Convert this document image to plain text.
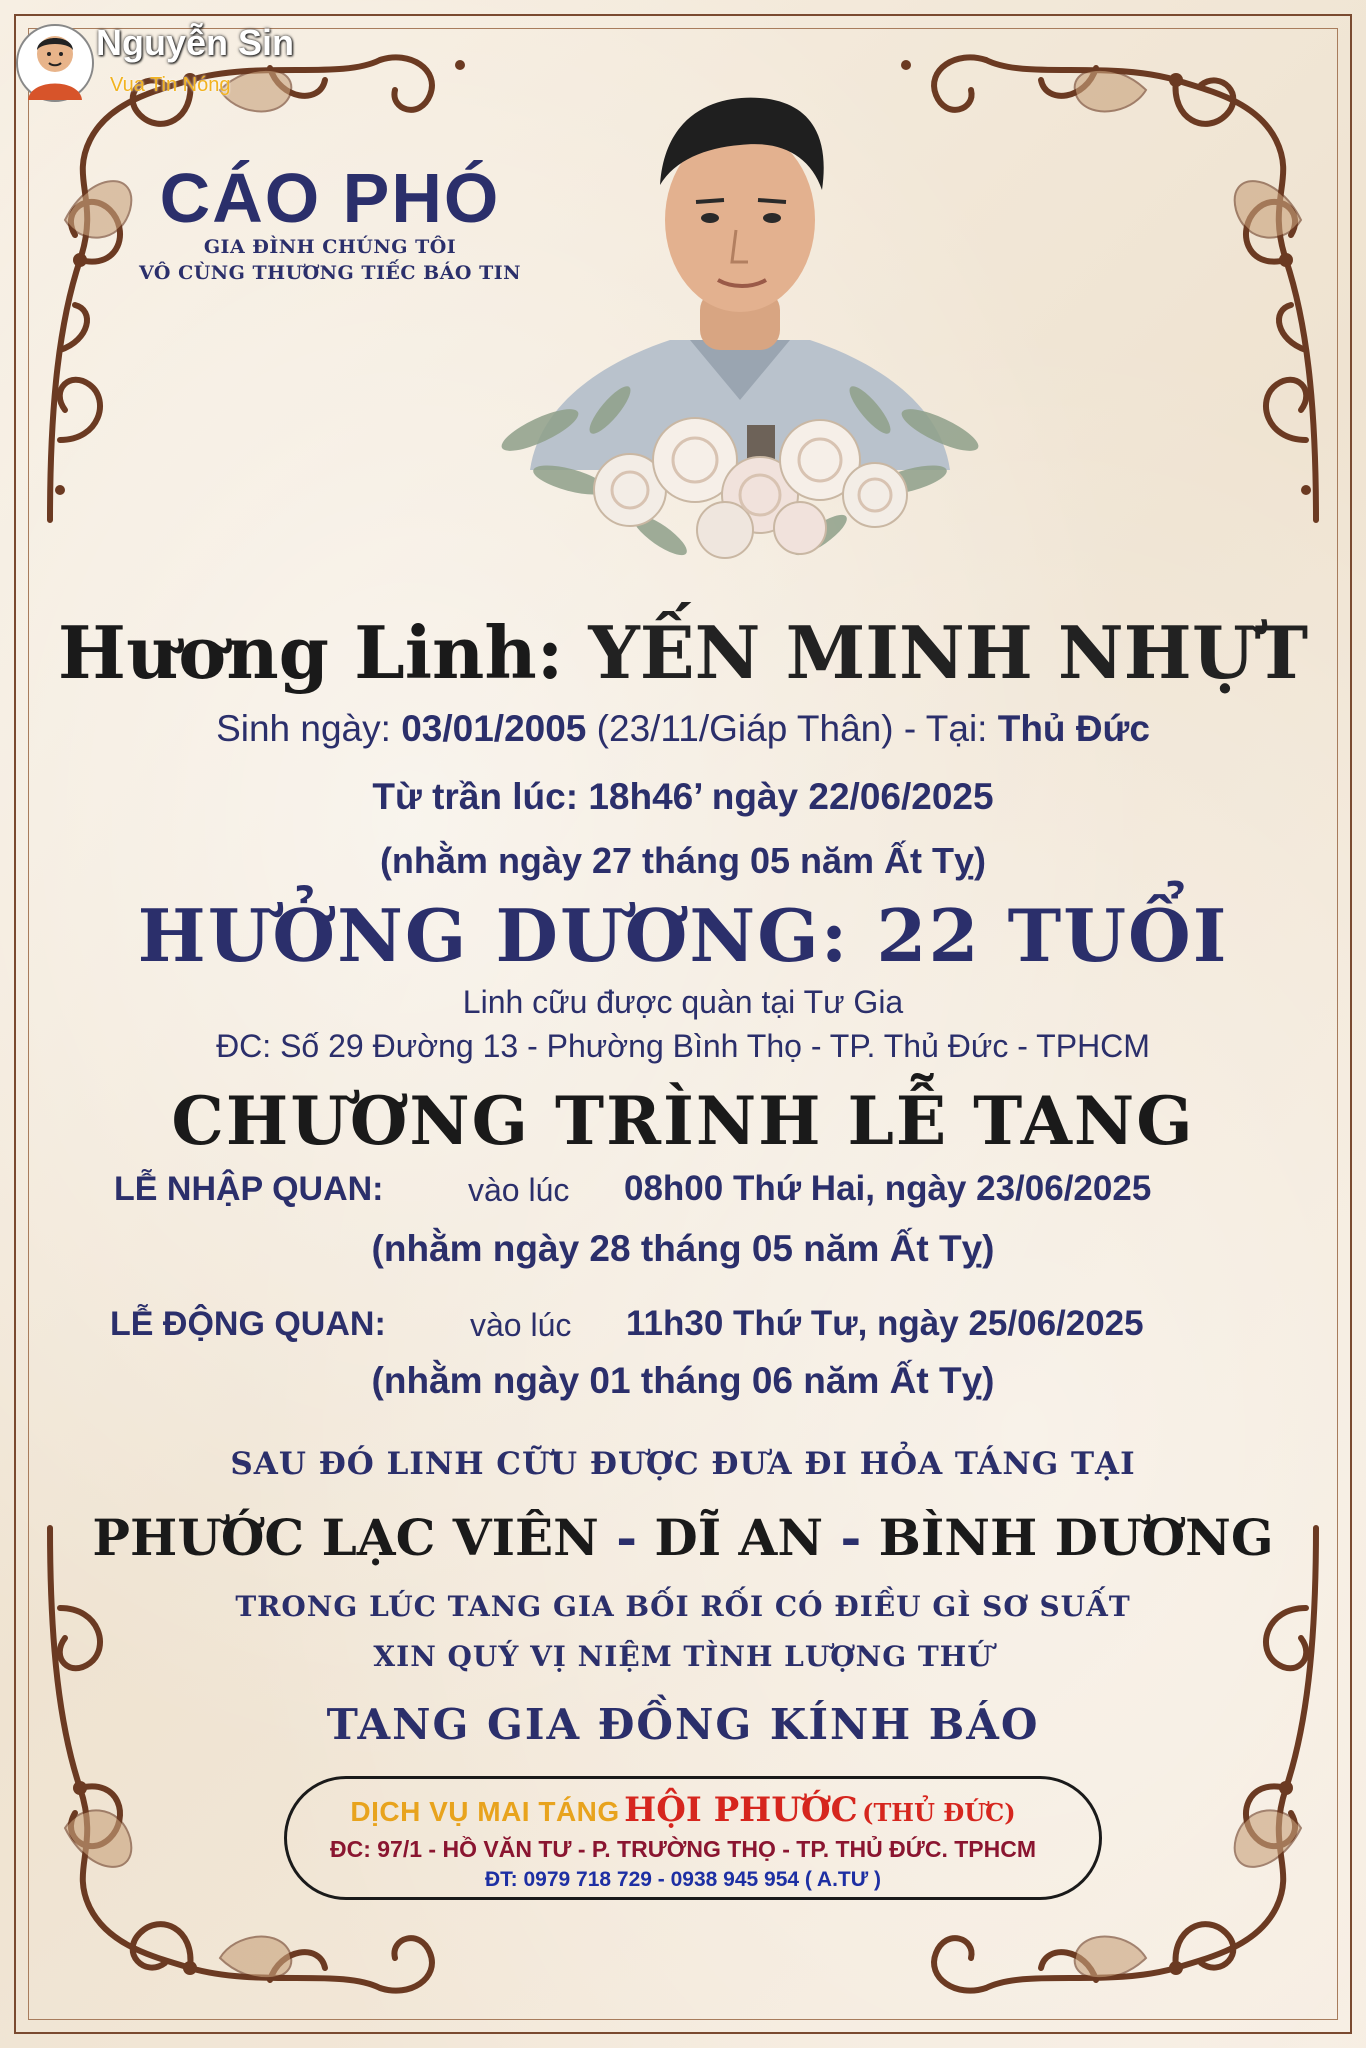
Nguyễn Sin
Vua Tin Nóng
CÁO PHÓ
GIA ĐÌNH CHÚNG TÔI
VÔ CÙNG THƯƠNG TIẾC BÁO TIN
Hương Linh: YẾN MINH NHỰT
Sinh ngày: 03/01/2005 (23/11/Giáp Thân) - Tại: Thủ Đức
Từ trần lúc: 18h46’ ngày 22/06/2025
(nhằm ngày 27 tháng 05 năm Ất Tỵ)
HƯỞNG DƯƠNG: 22 TUỔI
Linh cữu được quàn tại Tư Gia
ĐC: Số 29 Đường 13 - Phường Bình Thọ - TP. Thủ Đức - TPHCM
CHƯƠNG TRÌNH LỄ TANG
LỄ NHẬP QUAN:	vào lúc 08h00 Thứ Hai, ngày 23/06/2025
(nhằm ngày 28 tháng 05 năm Ất Tỵ)
LỄ ĐỘNG QUAN:	vào lúc 11h30 Thứ Tư, ngày 25/06/2025
(nhằm ngày 01 tháng 06 năm Ất Tỵ)
SAU ĐÓ LINH CỮU ĐƯỢC ĐƯA ĐI HỎA TÁNG TẠI
PHƯỚC LẠC VIÊN - DĨ AN - BÌNH DƯƠNG
TRONG LÚC TANG GIA BỐI RỐI CÓ ĐIỀU GÌ SƠ SUẤT
XIN QUÝ VỊ NIỆM TÌNH LƯỢNG THỨ
TANG GIA ĐỒNG KÍNH BÁO
DỊCH VỤ MAI TÁNG HỘI PHƯỚC (THỦ ĐỨC)
ĐC: 97/1 - HỒ VĂN TƯ - P. TRƯỜNG THỌ - TP. THỦ ĐỨC. TPHCM
ĐT: 0979 718 729 - 0938 945 954 ( A.TƯ )
